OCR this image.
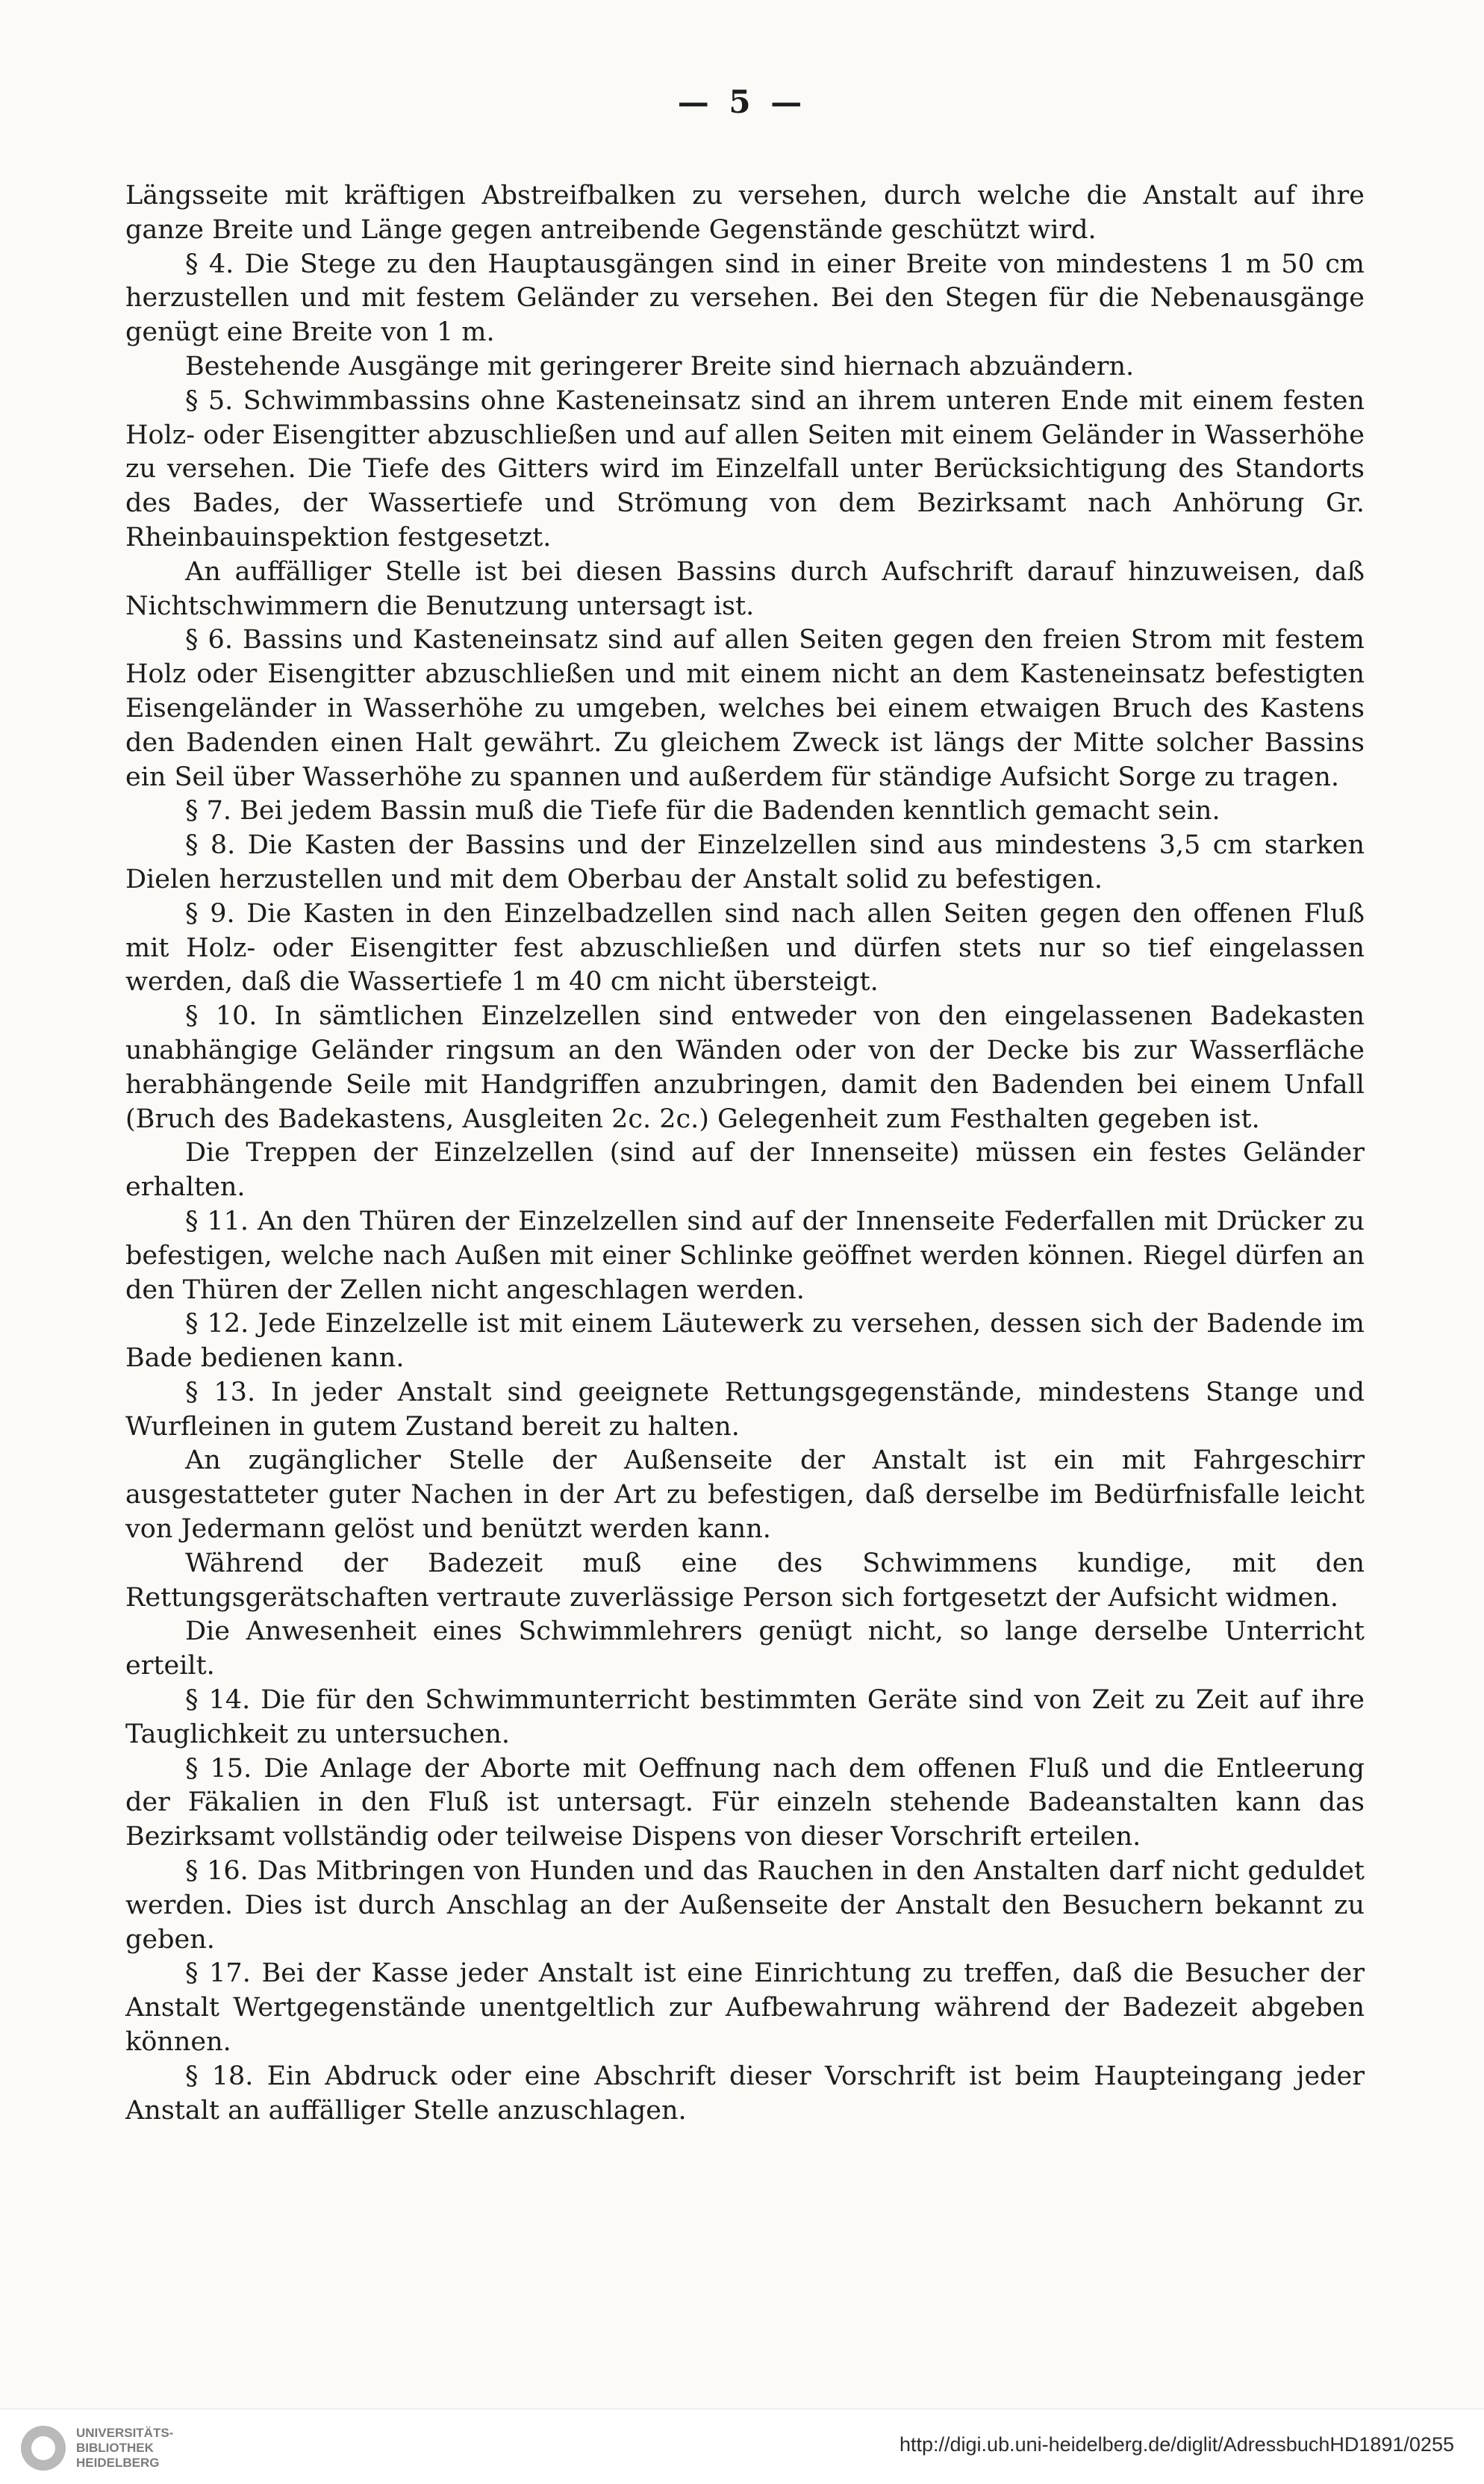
— 5 —

Längsseite mit kräftigen Abstreifbalken zu versehen, durch welche die Anstalt auf ihre ganze Breite und Länge gegen antreibende Gegenstände geschützt wird.

§ 4. Die Stege zu den Hauptausgängen sind in einer Breite von mindestens 1 m 50 cm herzustellen und mit festem Geländer zu versehen. Bei den Stegen für die Nebenausgänge genügt eine Breite von 1 m.

Bestehende Ausgänge mit geringerer Breite sind hiernach abzuändern.

§ 5. Schwimmbassins ohne Kasteneinsatz sind an ihrem unteren Ende mit einem festen Holz- oder Eisengitter abzuschließen und auf allen Seiten mit einem Geländer in Wasserhöhe zu versehen. Die Tiefe des Gitters wird im Einzelfall unter Berücksichtigung des Standorts des Bades, der Wassertiefe und Strömung von dem Bezirksamt nach Anhörung Gr. Rheinbauinspektion festgesetzt.

An auffälliger Stelle ist bei diesen Bassins durch Aufschrift darauf hinzuweisen, daß Nichtschwimmern die Benutzung untersagt ist.

§ 6. Bassins und Kasteneinsatz sind auf allen Seiten gegen den freien Strom mit festem Holz oder Eisengitter abzuschließen und mit einem nicht an dem Kasteneinsatz befestigten Eisengeländer in Wasserhöhe zu umgeben, welches bei einem etwaigen Bruch des Kastens den Badenden einen Halt gewährt. Zu gleichem Zweck ist längs der Mitte solcher Bassins ein Seil über Wasserhöhe zu spannen und außerdem für ständige Aufsicht Sorge zu tragen.

§ 7. Bei jedem Bassin muß die Tiefe für die Badenden kenntlich gemacht sein.

§ 8. Die Kasten der Bassins und der Einzelzellen sind aus mindestens 3,5 cm starken Dielen herzustellen und mit dem Oberbau der Anstalt solid zu befestigen.

§ 9. Die Kasten in den Einzelbadzellen sind nach allen Seiten gegen den offenen Fluß mit Holz- oder Eisengitter fest abzuschließen und dürfen stets nur so tief eingelassen werden, daß die Wassertiefe 1 m 40 cm nicht übersteigt.

§ 10. In sämtlichen Einzelzellen sind entweder von den eingelassenen Badekasten unabhängige Geländer ringsum an den Wänden oder von der Decke bis zur Wasserfläche herabhängende Seile mit Handgriffen anzubringen, damit den Badenden bei einem Unfall (Bruch des Badekastens, Ausgleiten 2c. 2c.) Gelegenheit zum Festhalten gegeben ist.

Die Treppen der Einzelzellen (sind auf der Innenseite) müssen ein festes Geländer erhalten.

§ 11. An den Thüren der Einzelzellen sind auf der Innenseite Federfallen mit Drücker zu befestigen, welche nach Außen mit einer Schlinke geöffnet werden können. Riegel dürfen an den Thüren der Zellen nicht angeschlagen werden.

§ 12. Jede Einzelzelle ist mit einem Läutewerk zu versehen, dessen sich der Badende im Bade bedienen kann.

§ 13. In jeder Anstalt sind geeignete Rettungsgegenstände, mindestens Stange und Wurfleinen in gutem Zustand bereit zu halten.

An zugänglicher Stelle der Außenseite der Anstalt ist ein mit Fahrgeschirr ausgestatteter guter Nachen in der Art zu befestigen, daß derselbe im Bedürfnisfalle leicht von Jedermann gelöst und benützt werden kann.

Während der Badezeit muß eine des Schwimmens kundige, mit den Rettungsgerätschaften vertraute zuverlässige Person sich fortgesetzt der Aufsicht widmen.

Die Anwesenheit eines Schwimmlehrers genügt nicht, so lange derselbe Unterricht erteilt.

§ 14. Die für den Schwimmunterricht bestimmten Geräte sind von Zeit zu Zeit auf ihre Tauglichkeit zu untersuchen.

§ 15. Die Anlage der Aborte mit Oeffnung nach dem offenen Fluß und die Entleerung der Fäkalien in den Fluß ist untersagt. Für einzeln stehende Badeanstalten kann das Bezirksamt vollständig oder teilweise Dispens von dieser Vorschrift erteilen.

§ 16. Das Mitbringen von Hunden und das Rauchen in den Anstalten darf nicht geduldet werden. Dies ist durch Anschlag an der Außenseite der Anstalt den Besuchern bekannt zu geben.

§ 17. Bei der Kasse jeder Anstalt ist eine Einrichtung zu treffen, daß die Besucher der Anstalt Wertgegenstände unentgeltlich zur Aufbewahrung während der Badezeit abgeben können.

§ 18. Ein Abdruck oder eine Abschrift dieser Vorschrift ist beim Haupteingang jeder Anstalt an auffälliger Stelle anzuschlagen.

UNIVERSITÄTS-
BIBLIOTHEK
HEIDELBERG
http://digi.ub.uni-heidelberg.de/diglit/AdressbuchHD1891/0255
